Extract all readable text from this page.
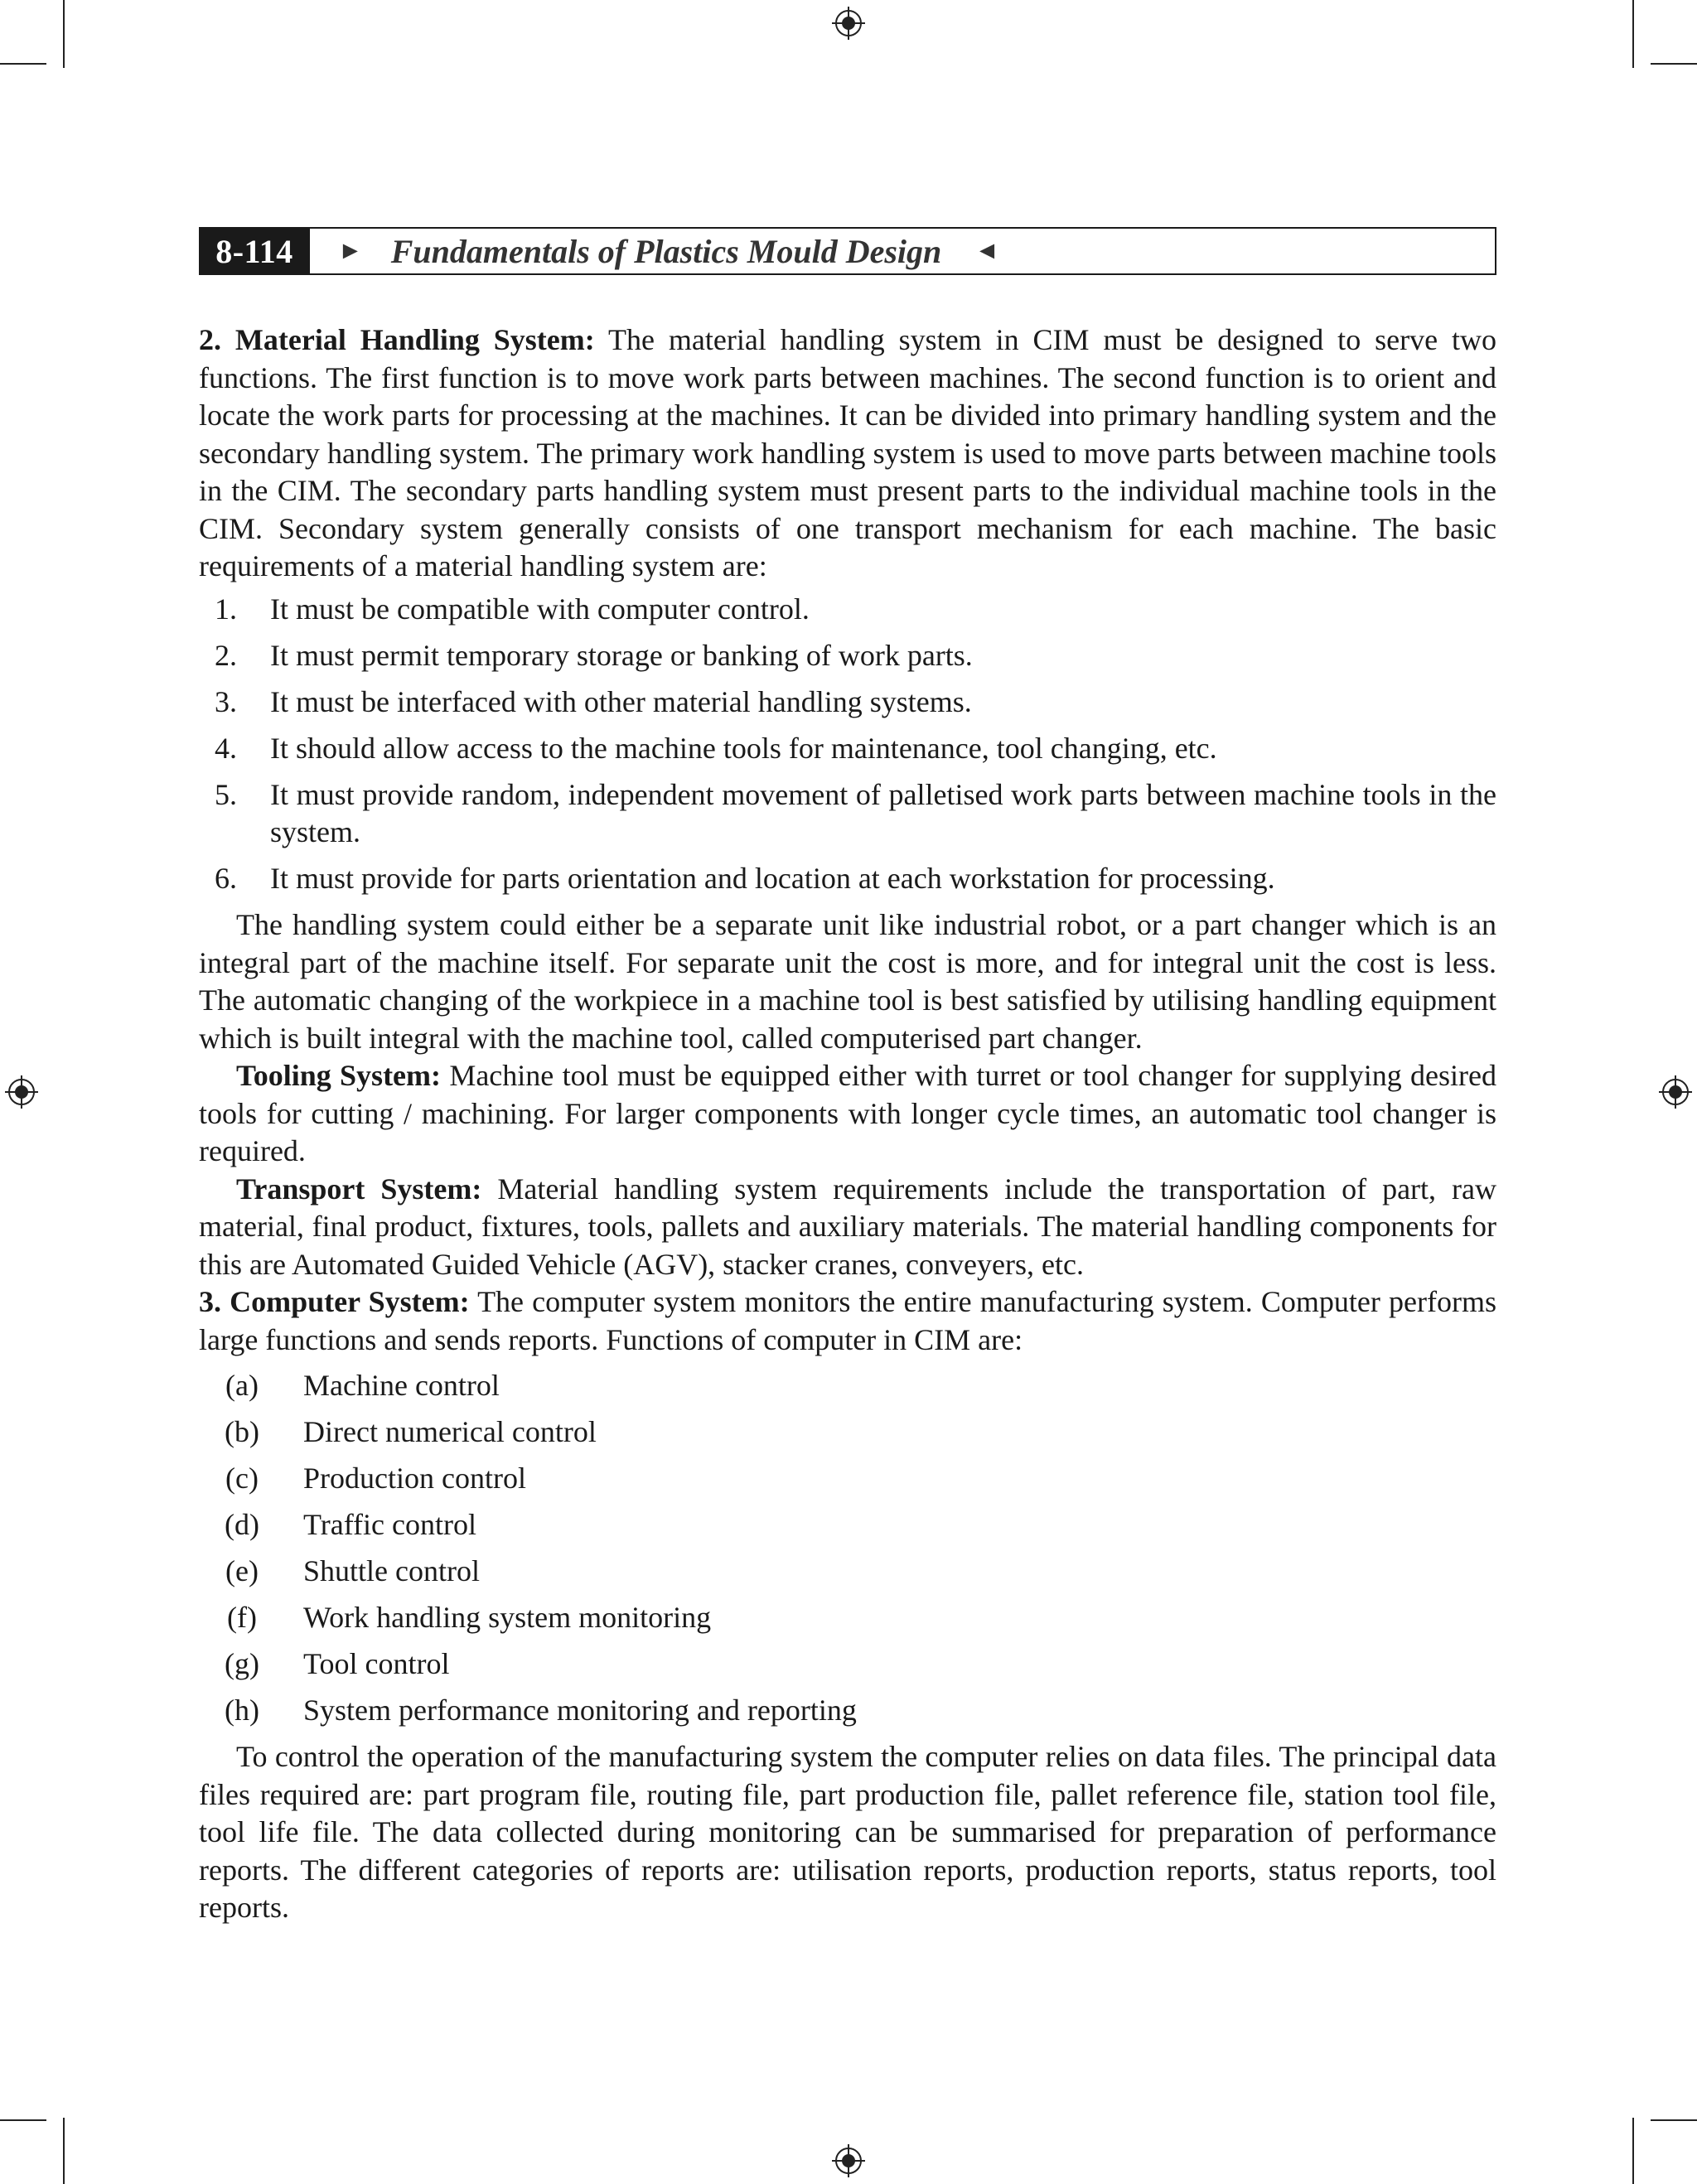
8-114	► Fundamentals of Plastics Mould Design ◄

2. Material Handling System: The material handling system in CIM must be designed to serve two functions. The first function is to move work parts between machines. The second function is to orient and locate the work parts for processing at the machines. It can be divided into primary handling system and the secondary handling system. The primary work handling system is used to move parts between machine tools in the CIM. The secondary parts handling system must present parts to the individual machine tools in the CIM. Secondary system generally consists of one transport mechanism for each machine. The basic requirements of a material handling system are:

1.	It must be compatible with computer control.
2.	It must permit temporary storage or banking of work parts.
3.	It must be interfaced with other material handling systems.
4.	It should allow access to the machine tools for maintenance, tool changing, etc.
5.	It must provide random, independent movement of palletised work parts between machine tools in the system.
6.	It must provide for parts orientation and location at each workstation for processing.

The handling system could either be a separate unit like industrial robot, or a part changer which is an integral part of the machine itself. For separate unit the cost is more, and for integral unit the cost is less. The automatic changing of the workpiece in a machine tool is best satisfied by utilising handling equipment which is built integral with the machine tool, called computerised part changer.

Tooling System: Machine tool must be equipped either with turret or tool changer for supplying desired tools for cutting / machining. For larger components with longer cycle times, an automatic tool changer is required.

Transport System: Material handling system requirements include the transportation of part, raw material, final product, fixtures, tools, pallets and auxiliary materials. The material handling components for this are Automated Guided Vehicle (AGV), stacker cranes, conveyers, etc.

3. Computer System: The computer system monitors the entire manufacturing system. Computer performs large functions and sends reports. Functions of computer in CIM are:

(a)	Machine control
(b)	Direct numerical control
(c)	Production control
(d)	Traffic control
(e)	Shuttle control
(f)	Work handling system monitoring
(g)	Tool control
(h)	System performance monitoring and reporting

To control the operation of the manufacturing system the computer relies on data files. The principal data files required are: part program file, routing file, part production file, pallet reference file, station tool file, tool life file. The data collected during monitoring can be summarised for preparation of performance reports. The different categories of reports are: utilisation reports, production reports, status reports, tool reports.
